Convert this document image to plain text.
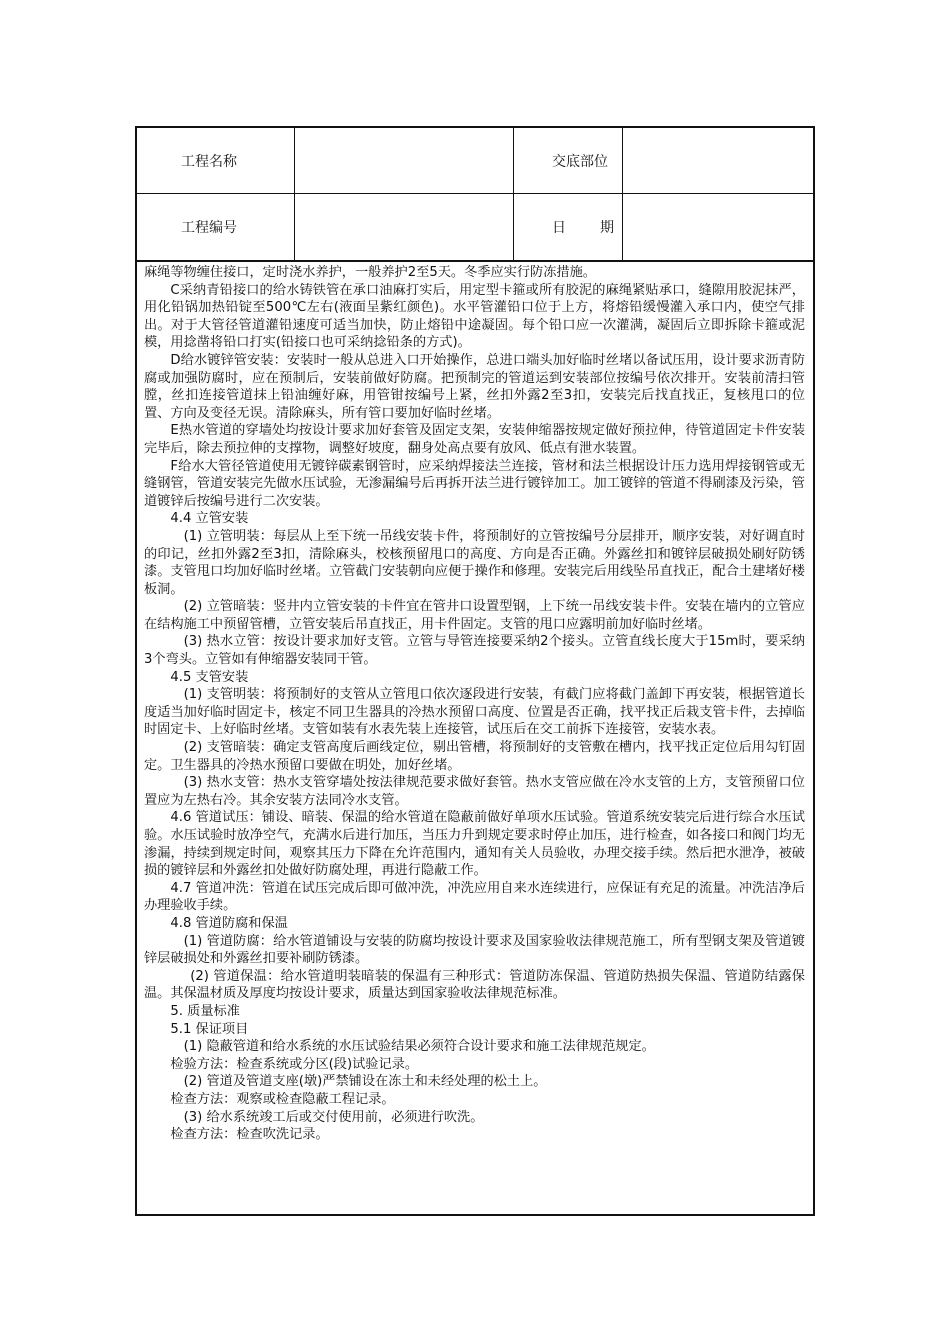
工程名称	交底部位
工程编号	日 期

麻绳等物缠住接口，定时浇水养护，一般养护2至5天。冬季应实行防冻措施。

C采纳青铅接口的给水铸铁管在承口油麻打实后，用定型卡箍或所有胶泥的麻绳紧贴承口，缝隙用胶泥抹严，用化铅锅加热铅锭至500℃左右(液面呈紫红颜色)。水平管灌铅口位于上方，将熔铅缓慢灌入承口内，使空气排出。对于大管径管道灌铅速度可适当加快，防止熔铅中途凝固。每个铅口应一次灌满，凝固后立即拆除卡箍或泥模，用捻凿将铅口打实(铅接口也可采纳捻铅条的方式)。

D给水镀锌管安装：安装时一般从总进入口开始操作，总进口端头加好临时丝堵以备试压用，设计要求沥青防腐或加强防腐时，应在预制后，安装前做好防腐。把预制完的管道运到安装部位按编号依次排开。安装前清扫管膛，丝扣连接管道抹上铅油缠好麻，用管钳按编号上紧，丝扣外露2至3扣，安装完后找直找正，复核甩口的位置、方向及变径无误。清除麻头，所有管口要加好临时丝堵。

E热水管道的穿墙处均按设计要求加好套管及固定支架，安装伸缩器按规定做好预拉伸，待管道固定卡件安装完毕后，除去预拉伸的支撑物，调整好坡度，翻身处高点要有放风、低点有泄水装置。

F给水大管径管道使用无镀锌碳素钢管时，应采纳焊接法兰连接，管材和法兰根据设计压力选用焊接钢管或无缝钢管，管道安装完先做水压试验，无渗漏编号后再拆开法兰进行镀锌加工。加工镀锌的管道不得刷漆及污染，管道镀锌后按编号进行二次安装。

4.4 立管安装

(1) 立管明装：每层从上至下统一吊线安装卡件，将预制好的立管按编号分层排开，顺序安装，对好调直时的印记，丝扣外露2至3扣，清除麻头，校核预留甩口的高度、方向是否正确。外露丝扣和镀锌层破损处刷好防锈漆。支管甩口均加好临时丝堵。立管截门安装朝向应便于操作和修理。安装完后用线坠吊直找正，配合土建堵好楼板洞。

(2) 立管暗装：竖井内立管安装的卡件宜在管井口设置型钢，上下统一吊线安装卡件。安装在墙内的立管应在结构施工中预留管槽，立管安装后吊直找正，用卡件固定。支管的甩口应露明前加好临时丝堵。

(3) 热水立管：按设计要求加好支管。立管与导管连接要采纳2个接头。立管直线长度大于15m时，要采纳3个弯头。立管如有伸缩器安装同干管。

4.5 支管安装

(1) 支管明装：将预制好的支管从立管甩口依次逐段进行安装，有截门应将截门盖卸下再安装，根据管道长度适当加好临时固定卡，核定不同卫生器具的冷热水预留口高度、位置是否正确，找平找正后栽支管卡件，去掉临时固定卡、上好临时丝堵。支管如装有水表先装上连接管，试压后在交工前拆下连接管，安装水表。

(2) 支管暗装：确定支管高度后画线定位，剔出管槽，将预制好的支管敷在槽内，找平找正定位后用勾钉固定。卫生器具的冷热水预留口要做在明处，加好丝堵。

(3) 热水支管：热水支管穿墙处按法律规范要求做好套管。热水支管应做在冷水支管的上方，支管预留口位置应为左热右冷。其余安装方法同冷水支管。

4.6 管道试压：铺设、暗装、保温的给水管道在隐蔽前做好单项水压试验。管道系统安装完后进行综合水压试验。水压试验时放净空气，充满水后进行加压，当压力升到规定要求时停止加压，进行检查，如各接口和阀门均无渗漏，持续到规定时间，观察其压力下降在允许范围内，通知有关人员验收，办理交接手续。然后把水泄净，被破损的镀锌层和外露丝扣处做好防腐处理，再进行隐蔽工作。

4.7 管道冲洗：管道在试压完成后即可做冲洗，冲洗应用自来水连续进行，应保证有充足的流量。冲洗洁净后办理验收手续。

4.8 管道防腐和保温

(1) 管道防腐：给水管道铺设与安装的防腐均按设计要求及国家验收法律规范施工，所有型钢支架及管道镀锌层破损处和外露丝扣要补刷防锈漆。

(2) 管道保温：给水管道明装暗装的保温有三种形式：管道防冻保温、管道防热损失保温、管道防结露保温。其保温材质及厚度均按设计要求，质量达到国家验收法律规范标准。

5. 质量标准

5.1 保证项目

(1) 隐蔽管道和给水系统的水压试验结果必须符合设计要求和施工法律规范规定。

检验方法：检查系统或分区(段)试验记录。

(2) 管道及管道支座(墩)严禁铺设在冻土和未经处理的松土上。

检查方法：观察或检查隐蔽工程记录。

(3) 给水系统竣工后或交付使用前，必须进行吹洗。

检查方法：检查吹洗记录。
